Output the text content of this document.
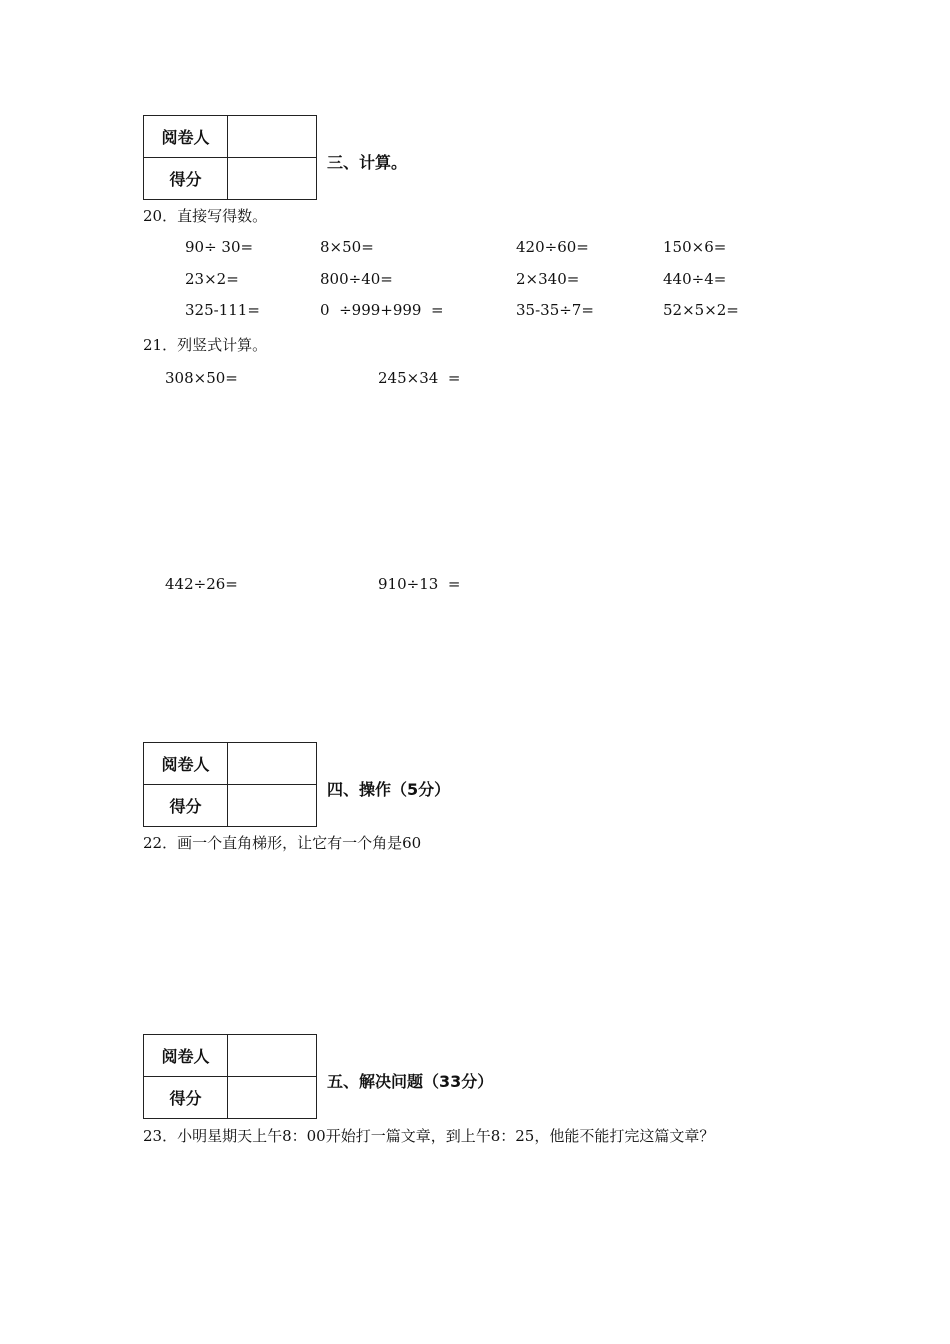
阅卷人	
得分	
三、计算。
20．直接写得数。
90÷ 30=	8×50=	420÷60=	150×6=
23×2=	800÷40=	2×340=	440÷4=
325-111=	0  ÷999+999  =	35-35÷7=	52×5×2=
21．列竖式计算。
308×50=	245×34  =
442÷26=	910÷13  =
阅卷人	
得分	
四、操作（5分）
22．画一个直角梯形，让它有一个角是60
阅卷人	
得分	
五、解决问题（33分）
23．小明星期天上午8：00开始打一篇文章，到上午8：25，他能不能打完这篇文章？
